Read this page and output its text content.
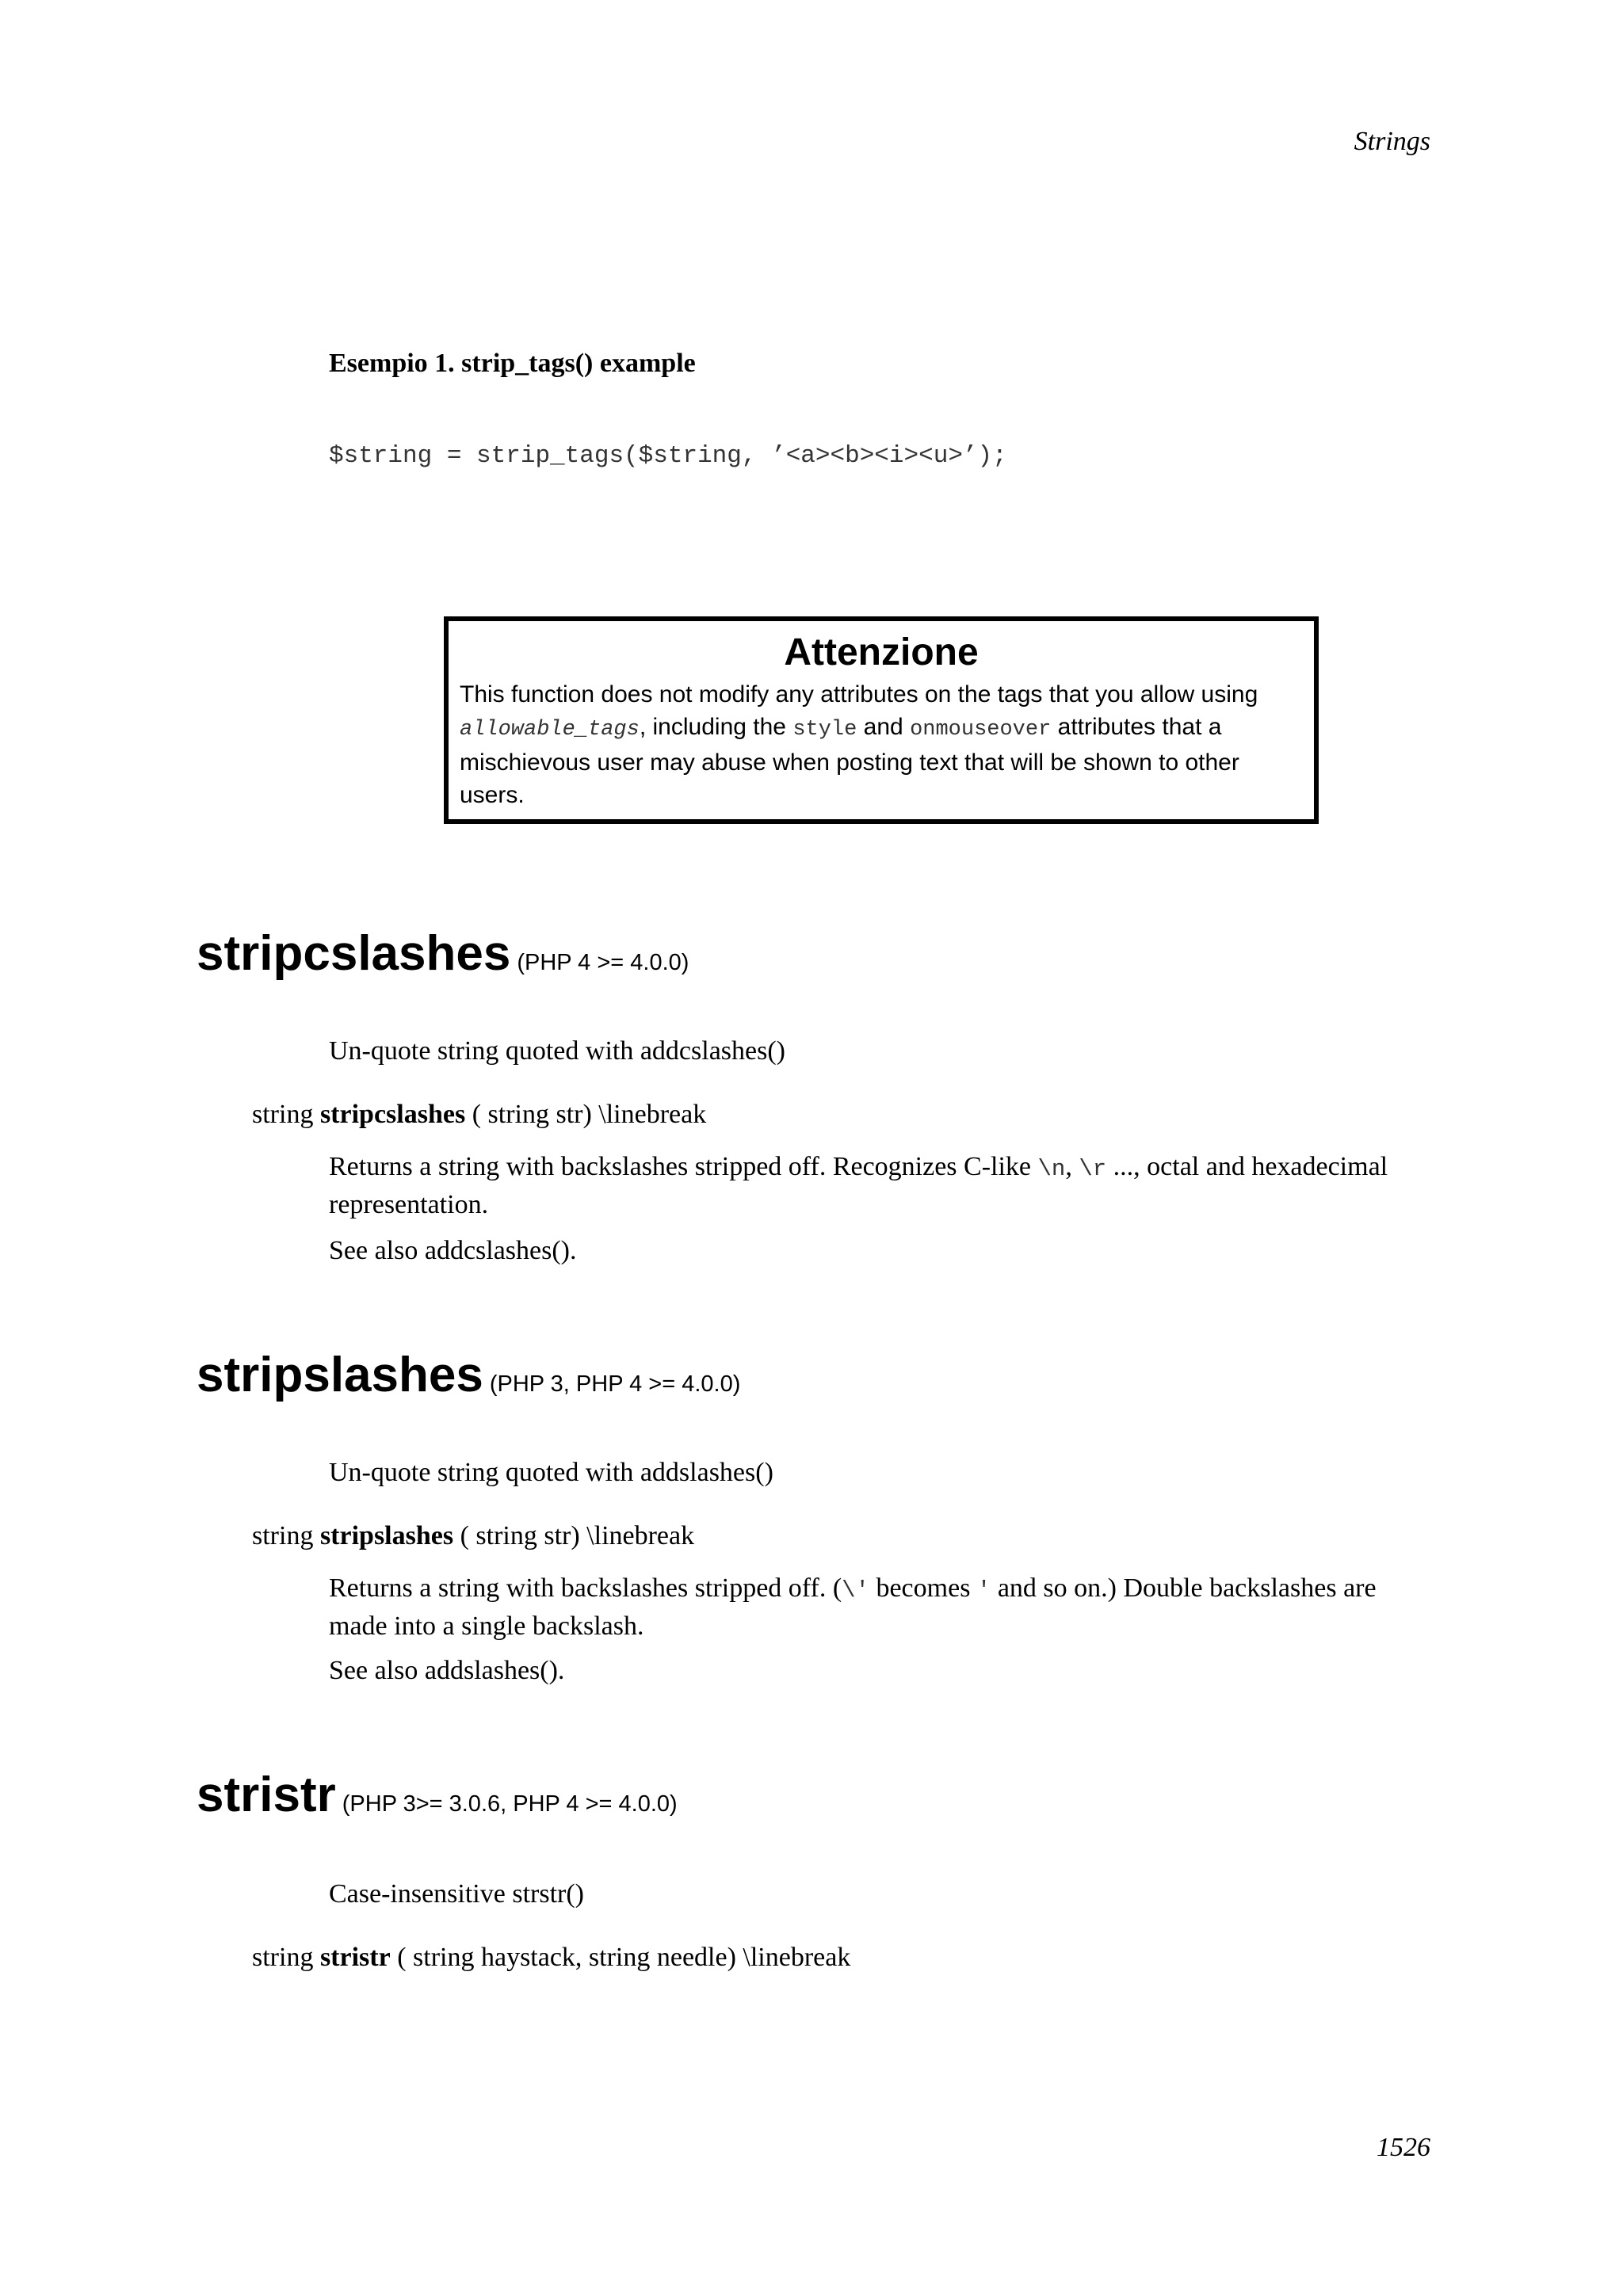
Strings
Esempio 1. strip_tags() example
$string = strip_tags($string, ’<a><b><i><u>’);
Attenzione
This function does not modify any attributes on the tags that you allow using
allowable_tags, including the style and onmouseover attributes that a mischievous user may abuse when posting text that will be shown to other users.
stripcslashes (PHP 4 >= 4.0.0)
Un-quote string quoted with addcslashes()
string stripcslashes ( string str) \linebreak
Returns a string with backslashes stripped off. Recognizes C-like \n, \r ..., octal and hexadecimal representation.
See also addcslashes().
stripslashes (PHP 3, PHP 4 >= 4.0.0)
Un-quote string quoted with addslashes()
string stripslashes ( string str) \linebreak
Returns a string with backslashes stripped off. (\' becomes ' and so on.) Double backslashes are made into a single backslash.
See also addslashes().
stristr (PHP 3>= 3.0.6, PHP 4 >= 4.0.0)
Case-insensitive strstr()
string stristr ( string haystack, string needle) \linebreak
1526
